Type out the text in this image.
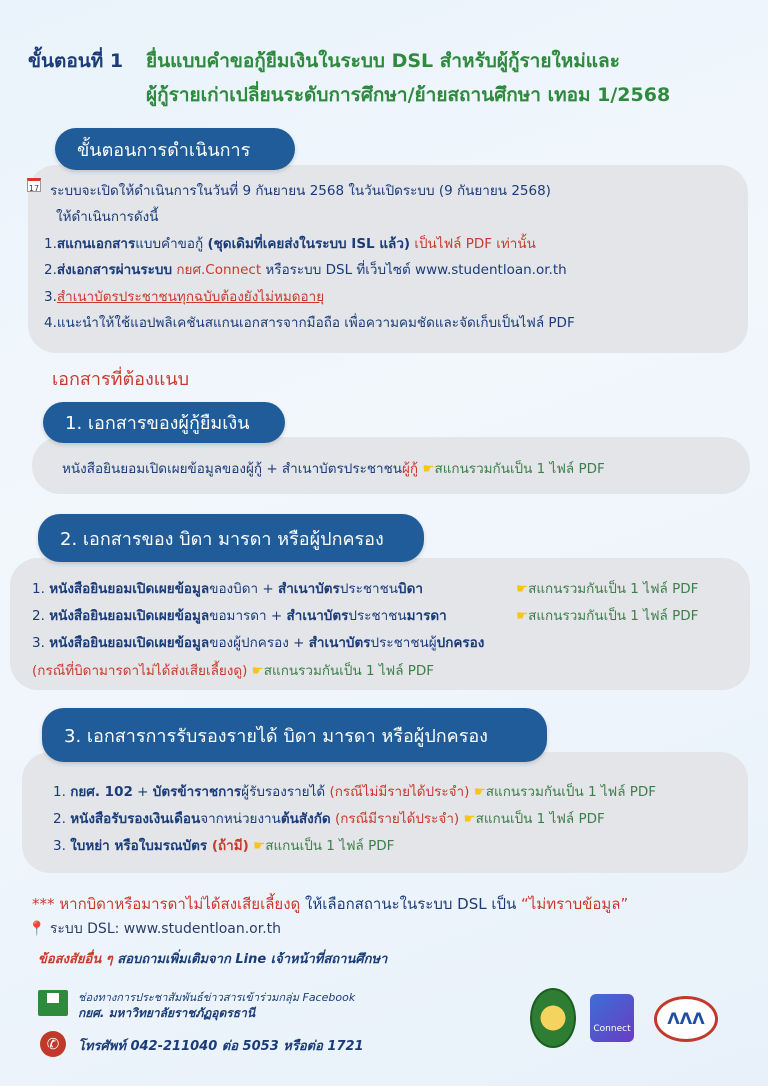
ขั้นตอนที่ 1 ยื่นแบบคำขอกู้ยืมเงินในระบบ DSL สำหรับผู้กู้รายใหม่และ
ผู้กู้รายเก่าเปลี่ยนระดับการศึกษา/ย้ายสถานศึกษา เทอม 1/2568
ขั้นตอนการดำเนินการ
17 ระบบจะเปิดให้ดำเนินการในวันที่ 9 กันยายน 2568 ในวันเปิดระบบ (9 กันยายน 2568)
ให้ดำเนินการดังนี้
1.สแกนเอกสารแบบคำขอกู้ (ชุดเดิมที่เคยส่งในระบบ ISL แล้ว) เป็นไฟล์ PDF เท่านั้น
2.ส่งเอกสารผ่านระบบ กยศ.Connect หรือระบบ DSL ที่เว็บไซต์ www.studentloan.or.th
3.สำเนาบัตรประชาชนทุกฉบับต้องยังไม่หมดอายุ
4.แนะนำให้ใช้แอปพลิเคชันสแกนเอกสารจากมือถือ เพื่อความคมชัดและจัดเก็บเป็นไฟล์ PDF
เอกสารที่ต้องแนบ
1. เอกสารของผู้กู้ยืมเงิน
หนังสือยินยอมเปิดเผยข้อมูลของผู้กู้ + สำเนาบัตรประชาชนผู้กู้ ☛สแกนรวมกันเป็น 1 ไฟล์ PDF
2. เอกสารของ บิดา มารดา หรือผู้ปกครอง
1. หนังสือยินยอมเปิดเผยข้อมูลของบิดา + สำเนาบัตรประชาชนบิดา	☛สแกนรวมกันเป็น 1 ไฟล์ PDF
2. หนังสือยินยอมเปิดเผยข้อมูลขอมารดา + สำเนาบัตรประชาชนมารดา	☛สแกนรวมกันเป็น 1 ไฟล์ PDF
3. หนังสือยินยอมเปิดเผยข้อมูลของผู้ปกครอง + สำเนาบัตรประชาชนผู้ปกครอง
(กรณีที่บิดามารดาไม่ได้ส่งเสียเลี้ยงดู) ☛สแกนรวมกันเป็น 1 ไฟล์ PDF
3. เอกสารการรับรองรายได้ บิดา มารดา หรือผู้ปกครอง
1. กยศ. 102 + บัตรข้าราชการผู้รับรองรายได้ (กรณีไม่มีรายได้ประจำ) ☛สแกนรวมกันเป็น 1 ไฟล์ PDF
2. หนังสือรับรองเงินเดือนจากหน่วยงานต้นสังกัด (กรณีมีรายได้ประจำ) ☛สแกนเป็น 1 ไฟล์ PDF
3. ใบหย่า หรือใบมรณบัตร (ถ้ามี) ☛สแกนเป็น 1 ไฟล์ PDF
*** หากบิดาหรือมารดาไม่ได้สงเสียเลี้ยงดู ให้เลือกสถานะในระบบ DSL เป็น “ไม่ทราบข้อมูล”
📍 ระบบ DSL: www.studentloan.or.th
ข้อสงสัยอื่น ๆ สอบถามเพิ่มเติมจาก Line เจ้าหน้าที่สถานศึกษา
ช่องทางการประชาสัมพันธ์ข่าวสารเข้าร่วมกลุ่ม Facebook
กยศ. มหาวิทยาลัยราชภัฏอุดรธานี
✆	โทรศัพท์ 042-211040 ต่อ 5053 หรือต่อ 1721
Connect
ΛΛΛ
